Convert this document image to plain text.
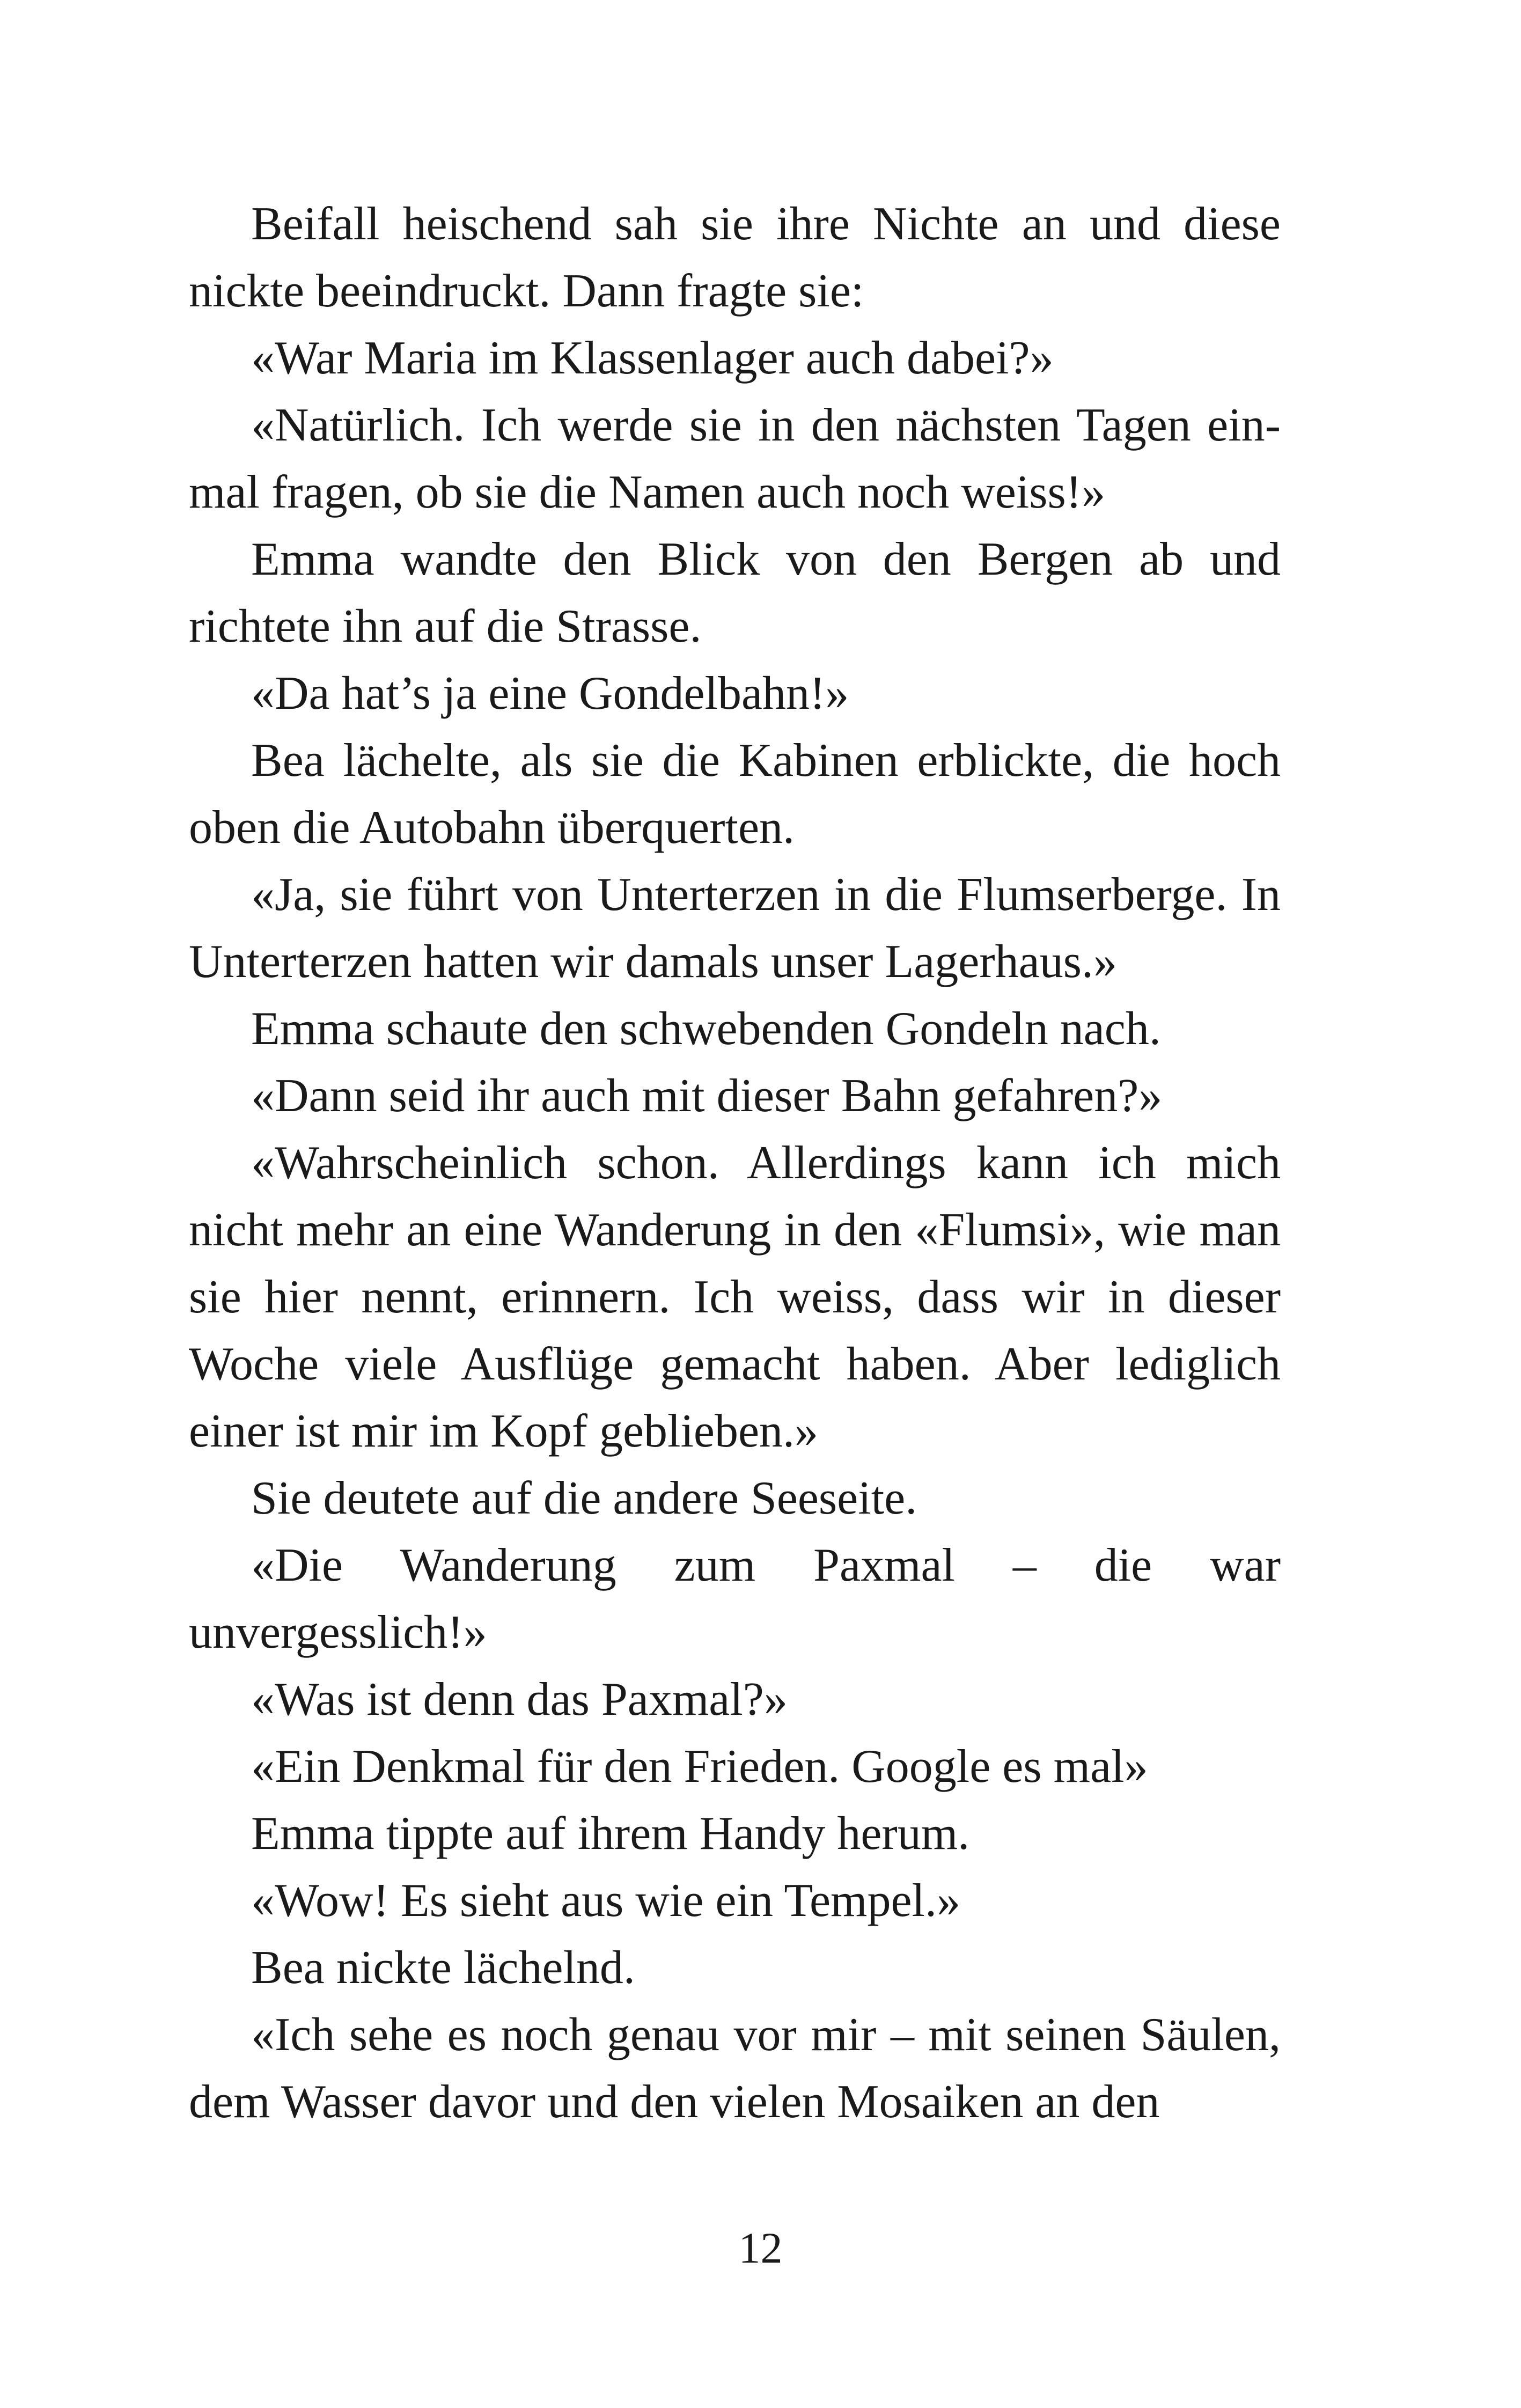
Beifall heischend sah sie ihre Nichte an und diese nickte beeindruckt. Dann fragte sie:

«War Maria im Klassenlager auch dabei?»

«Natürlich. Ich werde sie in den nächsten Tagen einmal fragen, ob sie die Namen auch noch weiss!»

Emma wandte den Blick von den Bergen ab und richtete ihn auf die Strasse.

«Da hat’s ja eine Gondelbahn!»

Bea lächelte, als sie die Kabinen erblickte, die hoch oben die Autobahn überquerten.

«Ja, sie führt von Unterterzen in die Flumserberge. In Unterterzen hatten wir damals unser Lagerhaus.»

Emma schaute den schwebenden Gondeln nach.

«Dann seid ihr auch mit dieser Bahn gefahren?»

«Wahrscheinlich schon. Allerdings kann ich mich nicht mehr an eine Wanderung in den «Flumsi», wie man sie hier nennt, erinnern. Ich weiss, dass wir in dieser Woche viele Ausflüge gemacht haben. Aber lediglich einer ist mir im Kopf geblieben.»

Sie deutete auf die andere Seeseite.

«Die Wanderung zum Paxmal – die war unvergesslich!»

«Was ist denn das Paxmal?»

«Ein Denkmal für den Frieden. Google es mal»

Emma tippte auf ihrem Handy herum.

«Wow! Es sieht aus wie ein Tempel.»

Bea nickte lächelnd.

«Ich sehe es noch genau vor mir – mit seinen Säulen, dem Wasser davor und den vielen Mosaiken an den

12
